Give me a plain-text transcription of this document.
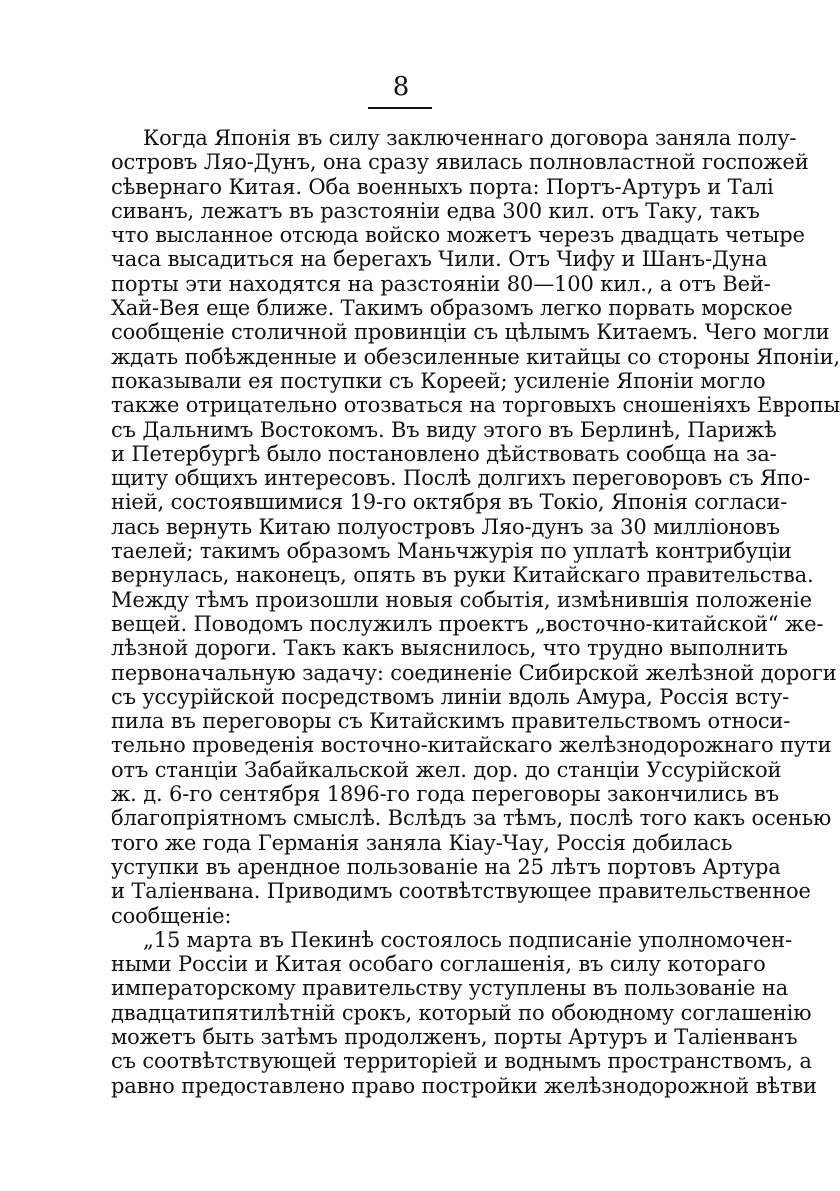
8
Когда Японія въ силу заключеннаго договора заняла полу-
островъ Ляо-Дунъ, она сразу явилась полновластной госпожей
сѣвернаго Китая. Оба военныхъ порта: Портъ-Артуръ и Талі
сиванъ, лежатъ въ разстояніи едва 300 кил. отъ Таку, такъ
что высланное отсюда войско можетъ черезъ двадцать четыре
часа высадиться на берегахъ Чили. Отъ Чифу и Шанъ-Дуна
порты эти находятся на разстояніи 80—100 кил., а отъ Вей-
Хай-Вея еще ближе. Такимъ образомъ легко порвать морское
сообщеніе столичной провинціи съ цѣлымъ Китаемъ. Чего могли
ждать побѣжденные и обезсиленные китайцы со стороны Японіи,
показывали ея поступки съ Кореей; усиленіе Японіи могло
также отрицательно отозваться на торговыхъ сношеніяхъ Европы
съ Дальнимъ Востокомъ. Въ виду этого въ Берлинѣ, Парижѣ
и Петербургѣ было постановлено дѣйствовать сообща на за-
щиту общихъ интересовъ. Послѣ долгихъ переговоровъ съ Япо-
ніей, состоявшимися 19-го октября въ Токіо, Японія согласи-
лась вернуть Китаю полуостровъ Ляо-дунъ за 30 милліоновъ
таелей; такимъ образомъ Маньчжурія по уплатѣ контрибуціи
вернулась, наконецъ, опять въ руки Китайскаго правительства.
Между тѣмъ произошли новыя событія, измѣнившія положеніе
вещей. Поводомъ послужилъ проектъ „восточно-китайской“ же-
лѣзной дороги. Такъ какъ выяснилось, что трудно выполнить
первоначальную задачу: соединеніе Сибирской желѣзной дороги
съ уссурійской посредствомъ линіи вдоль Амура, Россія всту-
пила въ переговоры съ Китайскимъ правительствомъ относи-
тельно проведенія восточно-китайскаго желѣзнодорожнаго пути
отъ станціи Забайкальской жел. дор. до станціи Уссурійской
ж. д. 6-го сентября 1896-го года переговоры закончились въ
благопріятномъ смыслѣ. Вслѣдъ за тѣмъ, послѣ того какъ осенью
того же года Германія заняла Кіау-Чау, Россія добилась
уступки въ арендное пользованіе на 25 лѣтъ портовъ Артура
и Таліенвана. Приводимъ соотвѣтствующее правительственное
сообщеніе:
„15 марта въ Пекинѣ состоялось подписаніе уполномочен-
ными Россіи и Китая особаго соглашенія, въ силу котораго
императорскому правительству уступлены въ пользованіе на
двадцатипятилѣтній срокъ, который по обоюдному соглашенію
можетъ быть затѣмъ продолженъ, порты Артуръ и Таліенванъ
съ соотвѣтствующей территоріей и воднымъ пространствомъ, а
равно предоставлено право постройки желѣзнодорожной вѣтви
